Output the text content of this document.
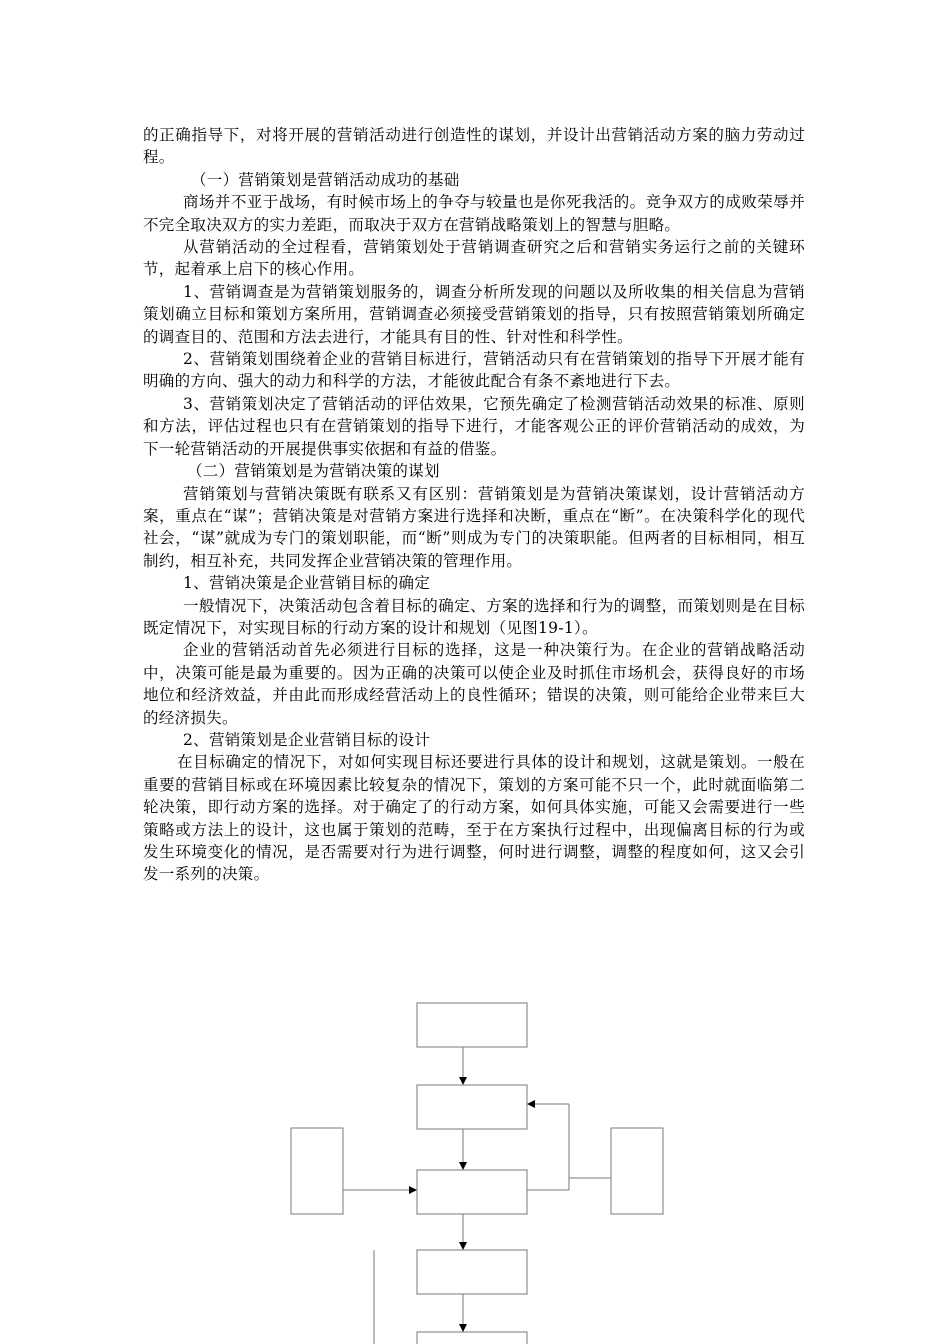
的正确指导下，对将开展的营销活动进行创造性的谋划，并设计出营销活动方案的脑力劳动过程。

（一）营销策划是营销活动成功的基础

商场并不亚于战场，有时候市场上的争夺与较量也是你死我活的。竞争双方的成败荣辱并不完全取决双方的实力差距，而取决于双方在营销战略策划上的智慧与胆略。

从营销活动的全过程看，营销策划处于营销调查研究之后和营销实务运行之前的关键环节，起着承上启下的核心作用。

1、营销调查是为营销策划服务的，调查分析所发现的问题以及所收集的相关信息为营销策划确立目标和策划方案所用，营销调查必须接受营销策划的指导，只有按照营销策划所确定的调查目的、范围和方法去进行，才能具有目的性、针对性和科学性。

2、营销策划围绕着企业的营销目标进行，营销活动只有在营销策划的指导下开展才能有明确的方向、强大的动力和科学的方法，才能彼此配合有条不紊地进行下去。

3、营销策划决定了营销活动的评估效果，它预先确定了检测营销活动效果的标准、原则和方法，评估过程也只有在营销策划的指导下进行，才能客观公正的评价营销活动的成效，为下一轮营销活动的开展提供事实依据和有益的借鉴。

（二）营销策划是为营销决策的谋划

营销策划与营销决策既有联系又有区别：营销策划是为营销决策谋划，设计营销活动方案，重点在“谋”；营销决策是对营销方案进行选择和决断，重点在“断”。在决策科学化的现代社会，“谋”就成为专门的策划职能，而“断”则成为专门的决策职能。但两者的目标相同，相互制约，相互补充，共同发挥企业营销决策的管理作用。

1、营销决策是企业营销目标的确定

一般情况下，决策活动包含着目标的确定、方案的选择和行为的调整，而策划则是在目标既定情况下，对实现目标的行动方案的设计和规划（见图19-1）。

企业的营销活动首先必须进行目标的选择，这是一种决策行为。在企业的营销战略活动中，决策可能是最为重要的。因为正确的决策可以使企业及时抓住市场机会，获得良好的市场地位和经济效益，并由此而形成经营活动上的良性循环；错误的决策，则可能给企业带来巨大的经济损失。

2、营销策划是企业营销目标的设计

在目标确定的情况下，对如何实现目标还要进行具体的设计和规划，这就是策划。一般在重要的营销目标或在环境因素比较复杂的情况下，策划的方案可能不只一个，此时就面临第二轮决策，即行动方案的选择。对于确定了的行动方案，如何具体实施，可能又会需要进行一些策略或方法上的设计，这也属于策划的范畴，至于在方案执行过程中，出现偏离目标的行为或发生环境变化的情况，是否需要对行为进行调整，何时进行调整，调整的程度如何，这又会引发一系列的决策。
